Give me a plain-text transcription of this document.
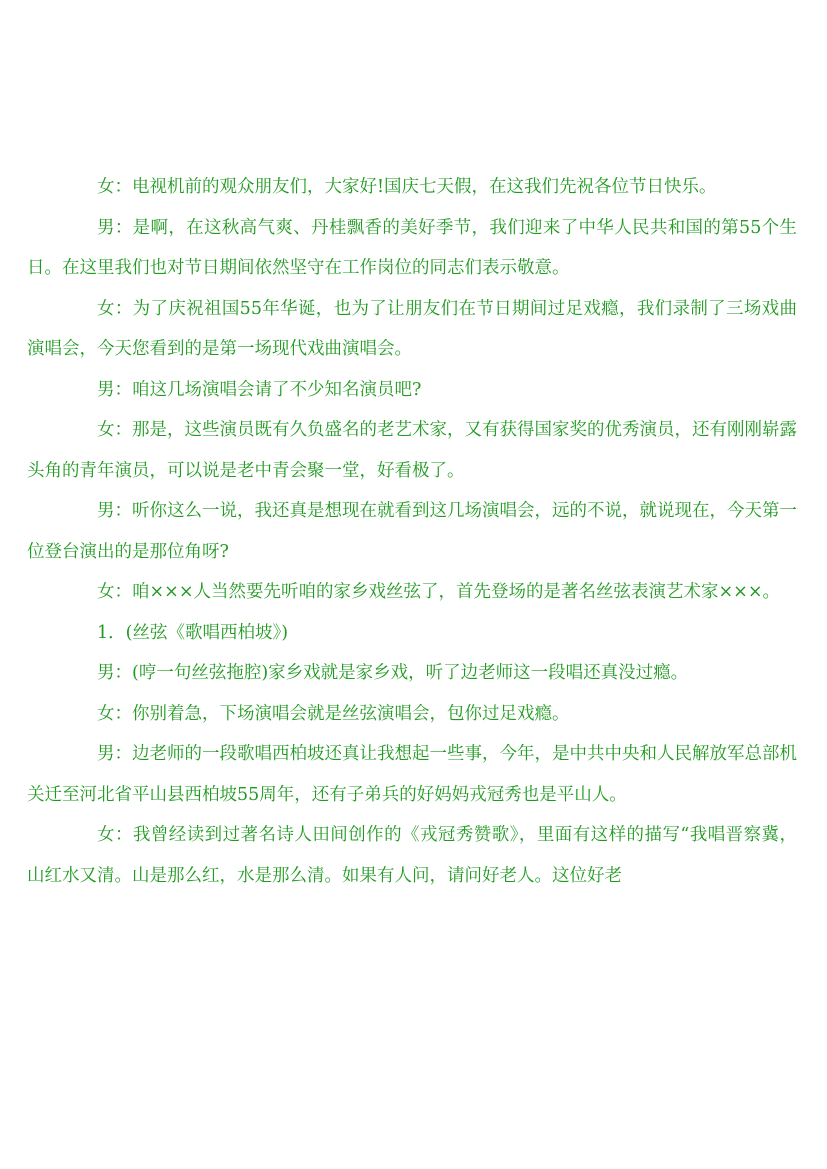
女：电视机前的观众朋友们，大家好!国庆七天假，在这我们先祝各位节日快乐。

男：是啊，在这秋高气爽、丹桂飘香的美好季节，我们迎来了中华人民共和国的第55个生日。在这里我们也对节日期间依然坚守在工作岗位的同志们表示敬意。

女：为了庆祝祖国55年华诞，也为了让朋友们在节日期间过足戏瘾，我们录制了三场戏曲演唱会，今天您看到的是第一场现代戏曲演唱会。

男：咱这几场演唱会请了不少知名演员吧?

女：那是，这些演员既有久负盛名的老艺术家，又有获得国家奖的优秀演员，还有刚刚崭露头角的青年演员，可以说是老中青会聚一堂，好看极了。

男：听你这么一说，我还真是想现在就看到这几场演唱会，远的不说，就说现在，今天第一位登台演出的是那位角呀?

女：咱×××人当然要先听咱的家乡戏丝弦了，首先登场的是著名丝弦表演艺术家×××。

1．(丝弦《歌唱西柏坡》)

男：(哼一句丝弦拖腔)家乡戏就是家乡戏，听了边老师这一段唱还真没过瘾。

女：你别着急，下场演唱会就是丝弦演唱会，包你过足戏瘾。

男：边老师的一段歌唱西柏坡还真让我想起一些事，今年，是中共中央和人民解放军总部机关迁至河北省平山县西柏坡55周年，还有子弟兵的好妈妈戎冠秀也是平山人。

女：我曾经读到过著名诗人田间创作的《戎冠秀赞歌》，里面有这样的描写“我唱晋察冀，山红水又清。山是那么红，水是那么清。如果有人问，请问好老人。这位好老
